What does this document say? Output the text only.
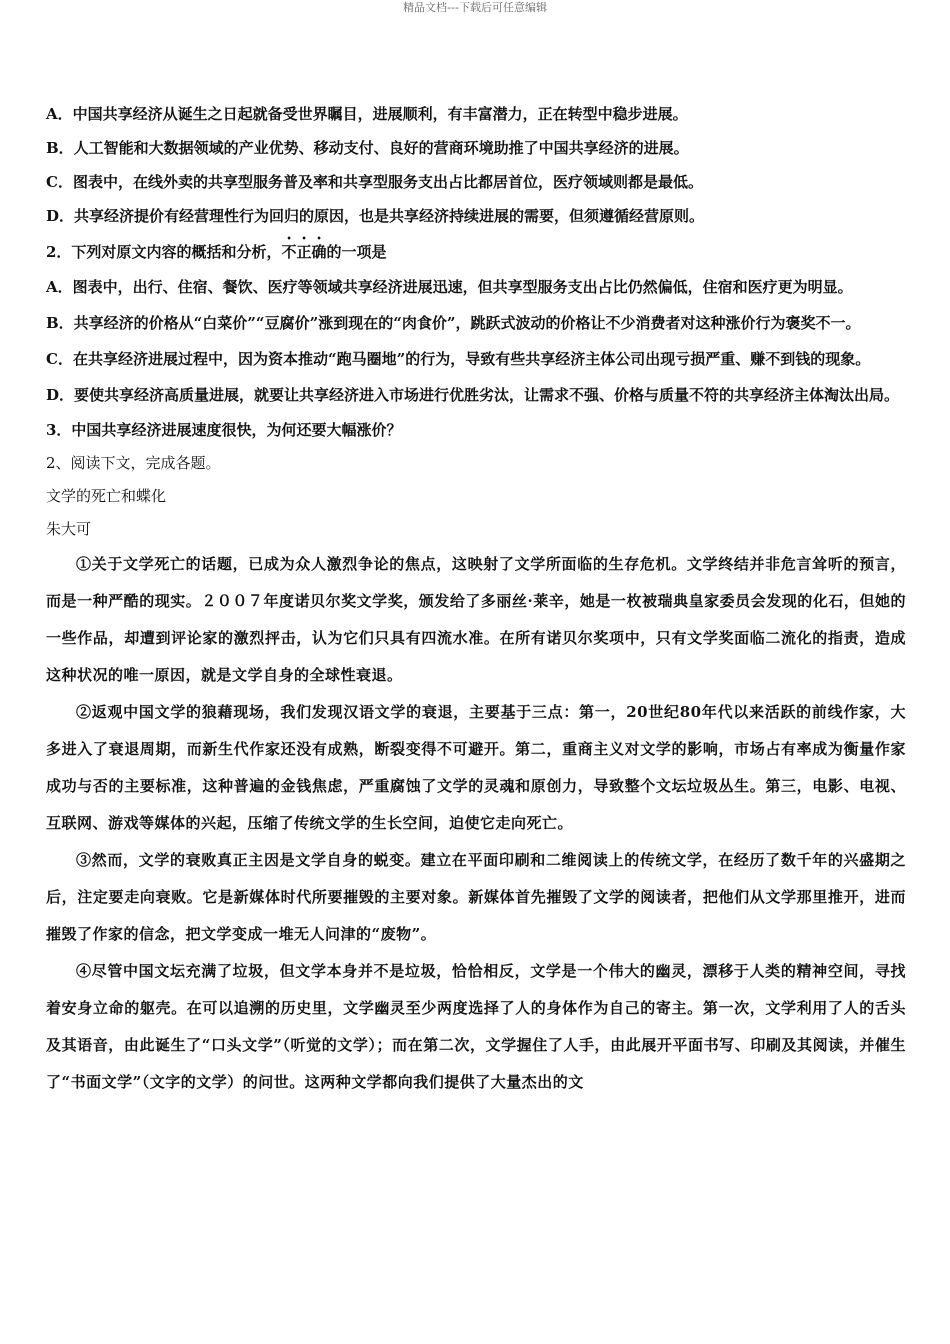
精品文档---下载后可任意编辑

A．中国共享经济从诞生之日起就备受世界瞩目，进展顺利，有丰富潜力，正在转型中稳步进展。

B．人工智能和大数据领域的产业优势、移动支付、良好的营商环境助推了中国共享经济的进展。

C．图表中，在线外卖的共享型服务普及率和共享型服务支出占比都居首位，医疗领域则都是最低。

D．共享经济提价有经营理性行为回归的原因，也是共享经济持续进展的需要，但须遵循经营原则。

2．下列对原文内容的概括和分析，不正确的一项是

A．图表中，出行、住宿、餐饮、医疗等领域共享经济进展迅速，但共享型服务支出占比仍然偏低，住宿和医疗更为明显。

B．共享经济的价格从“白菜价”“豆腐价”涨到现在的“肉食价”，跳跃式波动的价格让不少消费者对这种涨价行为褒奖不一。

C．在共享经济进展过程中，因为资本推动“跑马圈地”的行为，导致有些共享经济主体公司出现亏损严重、赚不到钱的现象。

D．要使共享经济高质量进展，就要让共享经济进入市场进行优胜劣汰，让需求不强、价格与质量不符的共享经济主体淘汰出局。

3．中国共享经济进展速度很快，为何还要大幅涨价？

2、阅读下文，完成各题。

文学的死亡和蝶化

朱大可

①关于文学死亡的话题，已成为众人激烈争论的焦点，这映射了文学所面临的生存危机。文学终结并非危言耸听的预言，而是一种严酷的现实。２００７年度诺贝尔奖文学奖，颁发给了多丽丝·莱辛，她是一枚被瑞典皇家委员会发现的化石，但她的一些作品，却遭到评论家的激烈抨击，认为它们只具有四流水准。在所有诺贝尔奖项中，只有文学奖面临二流化的指责，造成这种状况的唯一原因，就是文学自身的全球性衰退。

②返观中国文学的狼藉现场，我们发现汉语文学的衰退，主要基于三点：第一，20世纪80年代以来活跃的前线作家，大多进入了衰退周期，而新生代作家还没有成熟，断裂变得不可避开。第二，重商主义对文学的影响，市场占有率成为衡量作家成功与否的主要标准，这种普遍的金钱焦虑，严重腐蚀了文学的灵魂和原创力，导致整个文坛垃圾丛生。第三，电影、电视、互联网、游戏等媒体的兴起，压缩了传统文学的生长空间，迫使它走向死亡。

③然而，文学的衰败真正主因是文学自身的蜕变。建立在平面印刷和二维阅读上的传统文学，在经历了数千年的兴盛期之后，注定要走向衰败。它是新媒体时代所要摧毁的主要对象。新媒体首先摧毁了文学的阅读者，把他们从文学那里推开，进而摧毁了作家的信念，把文学变成一堆无人问津的“废物”。

④尽管中国文坛充满了垃圾，但文学本身并不是垃圾，恰恰相反，文学是一个伟大的幽灵，漂移于人类的精神空间，寻找着安身立命的躯壳。在可以追溯的历史里，文学幽灵至少两度选择了人的身体作为自己的寄主。第一次，文学利用了人的舌头及其语音，由此诞生了“口头文学”（听觉的文学）；而在第二次，文学握住了人手，由此展开平面书写、印刷及其阅读，并催生了“书面文学”（文字的文学）的问世。这两种文学都向我们提供了大量杰出的文
